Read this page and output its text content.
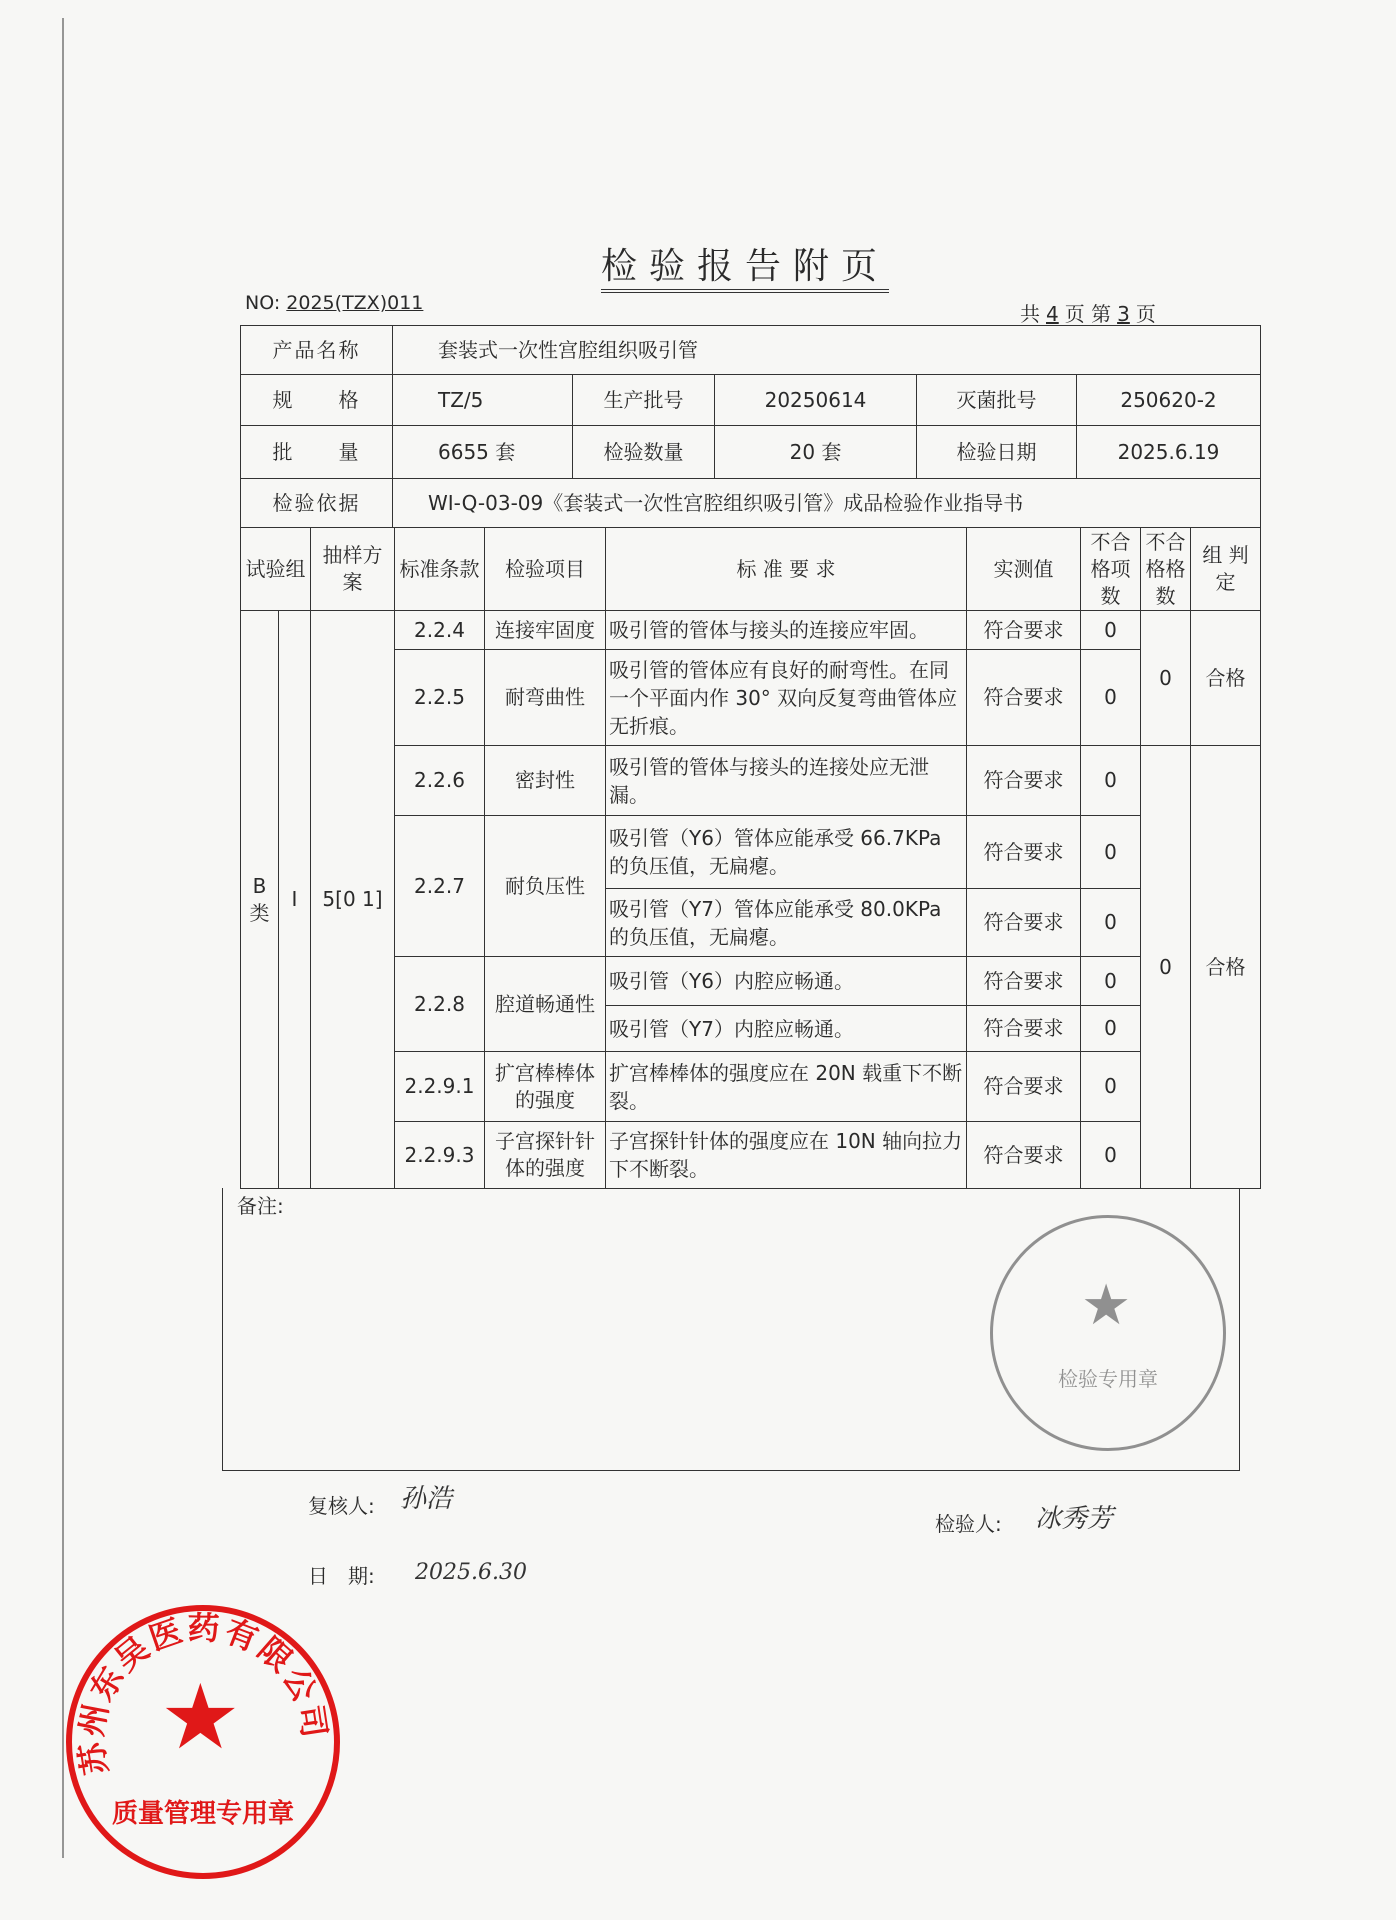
检验报告附页
NO: 2025(TZX)011	共 4 页 第 3 页
产品名称	套装式一次性宫腔组织吸引管				
规　　格	TZ/5	生产批号	20250614	灭菌批号	250620-2
批　　量	6655 套	检验数量	20 套	检验日期	2025.6.19
检验依据	WI-Q-03-09《套装式一次性宫腔组织吸引管》成品检验作业指导书				
试验组		抽样方案	标准条款	检验项目	标 准 要 求	实测值	不合格项 数	不合格格数	组 判定
B类	I	5[0 1]	2.2.4	连接牢固度	吸引管的管体与接头的连接应牢固。	符合要求	0	0	合格
			2.2.5	耐弯曲性	吸引管的管体应有良好的耐弯性。在同一个平面内作 30° 双向反复弯曲管体应无折痕。	符合要求	0		
			2.2.6	密封性	吸引管的管体与接头的连接处应无泄漏。	符合要求	0	0	合格
			2.2.7	耐负压性	吸引管（Y6）管体应能承受 66.7KPa 的负压值，无扁瘪。	符合要求	0		
					吸引管（Y7）管体应能承受 80.0KPa 的负压值，无扁瘪。	符合要求	0		
			2.2.8	腔道畅通性	吸引管（Y6）内腔应畅通。	符合要求	0		
					吸引管（Y7）内腔应畅通。	符合要求	0		
			2.2.9.1	扩宫棒棒体的强度	扩宫棒棒体的强度应在 20N 载重下不断裂。	符合要求	0		
			2.2.9.3	子宫探针针体的强度	子宫探针针体的强度应在 10N 轴向拉力下不断裂。	符合要求	0		
备注:
复核人: 孙浩
检验人: 冰秀芳
日　期: 2025.6.30
★
检验专用章
苏州东吴医药有限公司
★
质量管理专用章
